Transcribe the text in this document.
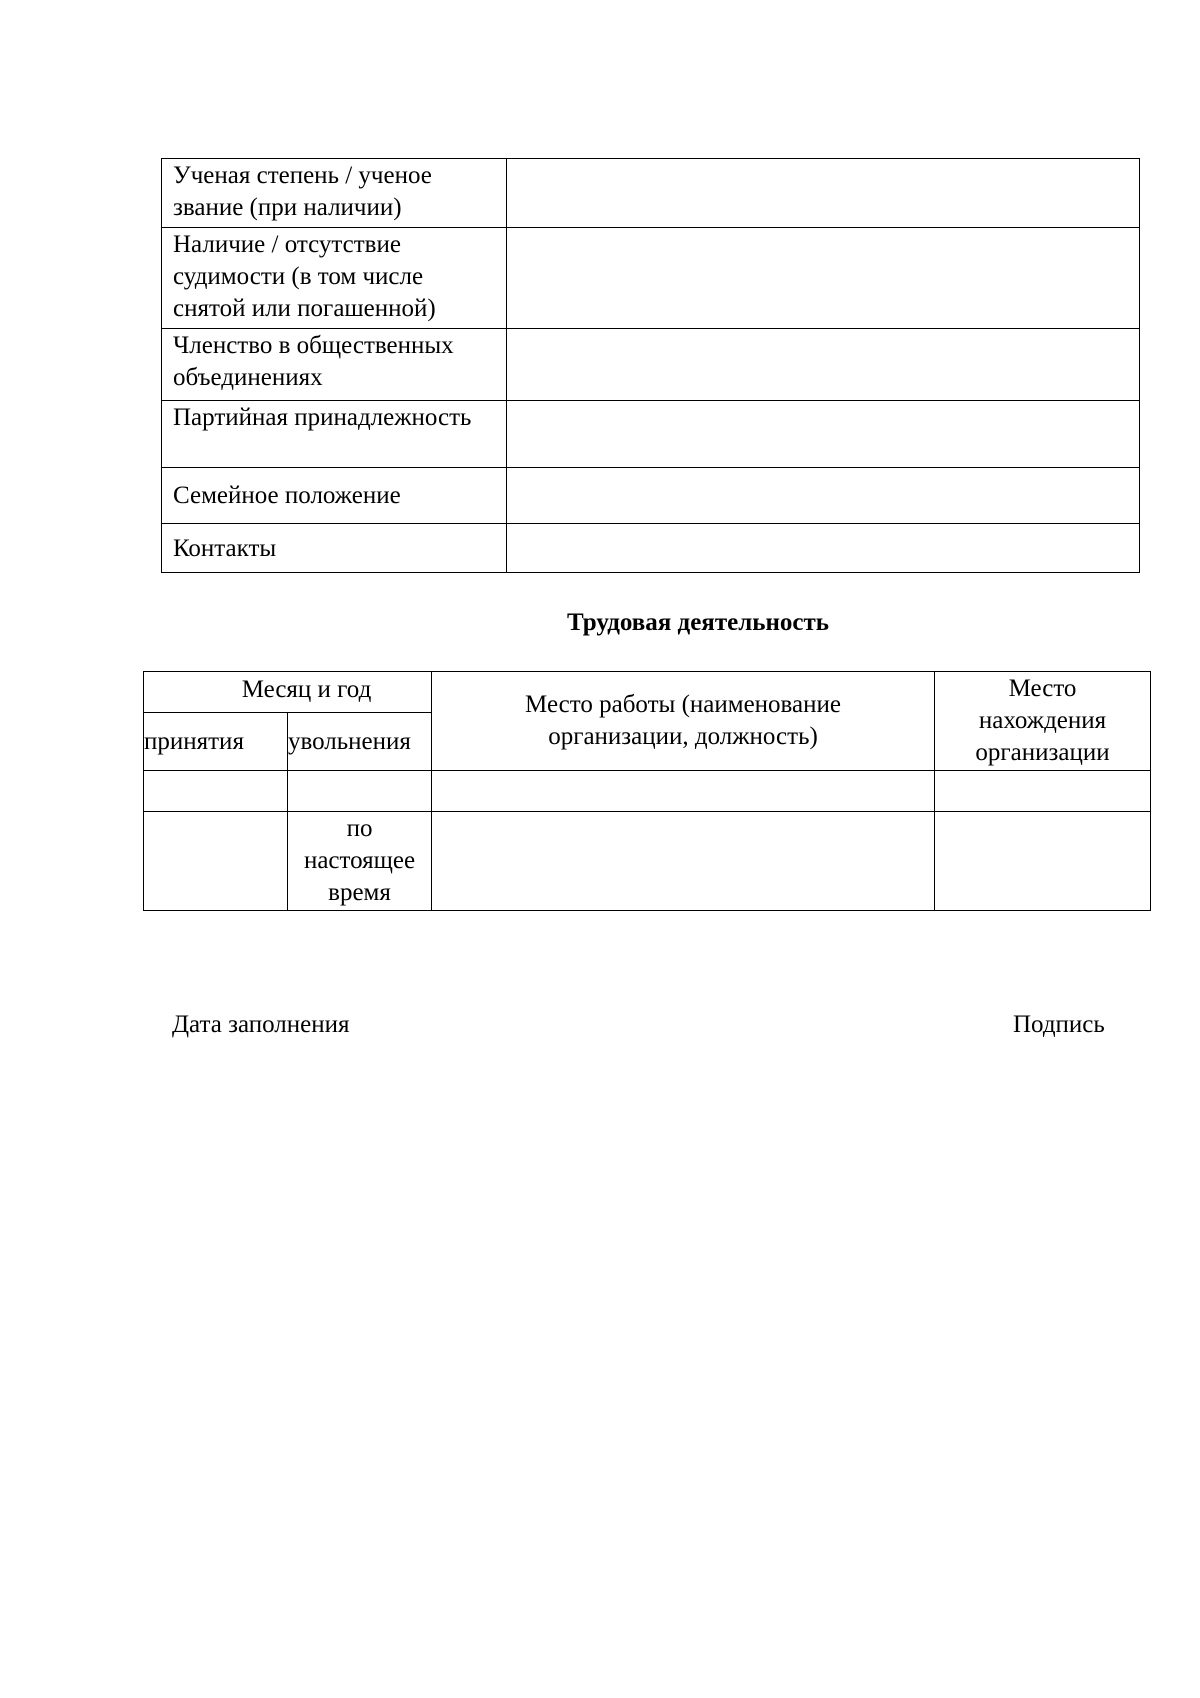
Ученая степень / ученое звание (при наличии)	
Наличие / отсутствие судимости (в том числе снятой или погашенной)	
Членство в общественных объединениях	
Партийная принадлежность	
Семейное положение	
Контакты	
Трудовая деятельность
Месяц и год		Место работы (наименование организации, должность)	Место нахождения организации
принятия	увольнения		

	по настоящее время		
Дата заполнения	Подпись
